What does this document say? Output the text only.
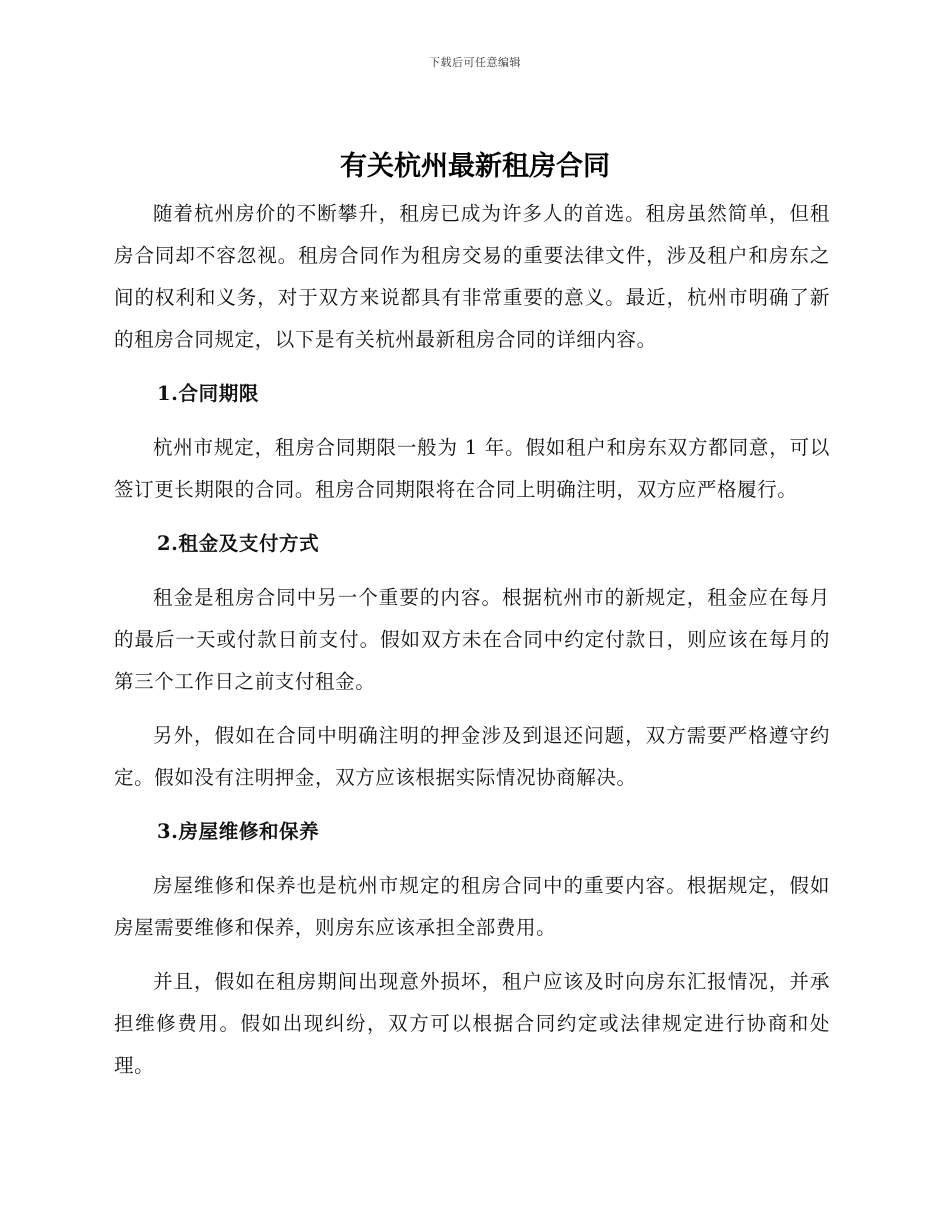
下载后可任意编辑
有关杭州最新租房合同

随着杭州房价的不断攀升，租房已成为许多人的首选。租房虽然简单，但租房合同却不容忽视。租房合同作为租房交易的重要法律文件，涉及租户和房东之间的权利和义务，对于双方来说都具有非常重要的意义。最近，杭州市明确了新的租房合同规定，以下是有关杭州最新租房合同的详细内容。

1.合同期限

杭州市规定，租房合同期限一般为 1 年。假如租户和房东双方都同意，可以签订更长期限的合同。租房合同期限将在合同上明确注明，双方应严格履行。

2.租金及支付方式

租金是租房合同中另一个重要的内容。根据杭州市的新规定，租金应在每月的最后一天或付款日前支付。假如双方未在合同中约定付款日，则应该在每月的第三个工作日之前支付租金。

另外，假如在合同中明确注明的押金涉及到退还问题，双方需要严格遵守约定。假如没有注明押金，双方应该根据实际情况协商解决。

3.房屋维修和保养

房屋维修和保养也是杭州市规定的租房合同中的重要内容。根据规定，假如房屋需要维修和保养，则房东应该承担全部费用。

并且，假如在租房期间出现意外损坏，租户应该及时向房东汇报情况，并承担维修费用。假如出现纠纷，双方可以根据合同约定或法律规定进行协商和处理。
